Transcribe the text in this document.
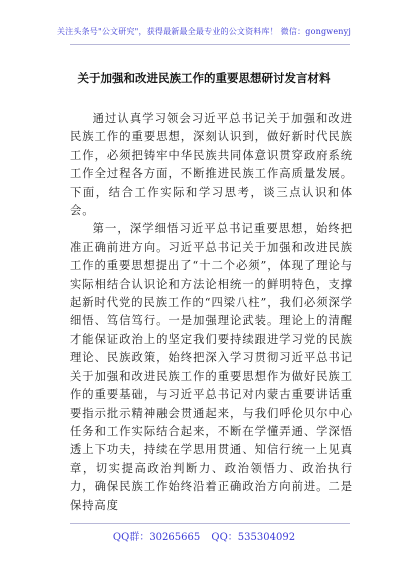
关注头条号"公文研究"，获得最新最全最专业的公文资料库！ 微信：gongwenyj
关于加强和改进民族工作的重要思想研讨发言材料

通过认真学习领会习近平总书记关于加强和改进民族工作的重要思想，深刻认识到，做好新时代民族工作，必须把铸牢中华民族共同体意识贯穿政府系统工作全过程各方面，不断推进民族工作高质量发展。下面，结合工作实际和学习思考，谈三点认识和体会。

第一，深学细悟习近平总书记重要思想，始终把准正确前进方向。习近平总书记关于加强和改进民族工作的重要思想提出了“十二个必须”，体现了理论与实际相结合认识论和方法论相统一的鲜明特色，支撑起新时代党的民族工作的“四梁八柱”，我们必须深学细悟、笃信笃行。一是加强理论武装。理论上的清醒才能保证政治上的坚定我们要持续跟进学习党的民族理论、民族政策，始终把深入学习贯彻习近平总书记关于加强和改进民族工作的重要思想作为做好民族工作的重要基础，与习近平总书记对内蒙古重要讲话重要指示批示精神融会贯通起来，与我们呼伦贝尔中心任务和工作实际结合起来，不断在学懂弄通、学深悟透上下功夫，持续在学思用贯通、知信行统一上见真章，切实提高政治判断力、政治领悟力、政治执行力，确保民族工作始终沿着正确政治方向前进。二是保持高度

QQ群：30265665 QQ：535304092
